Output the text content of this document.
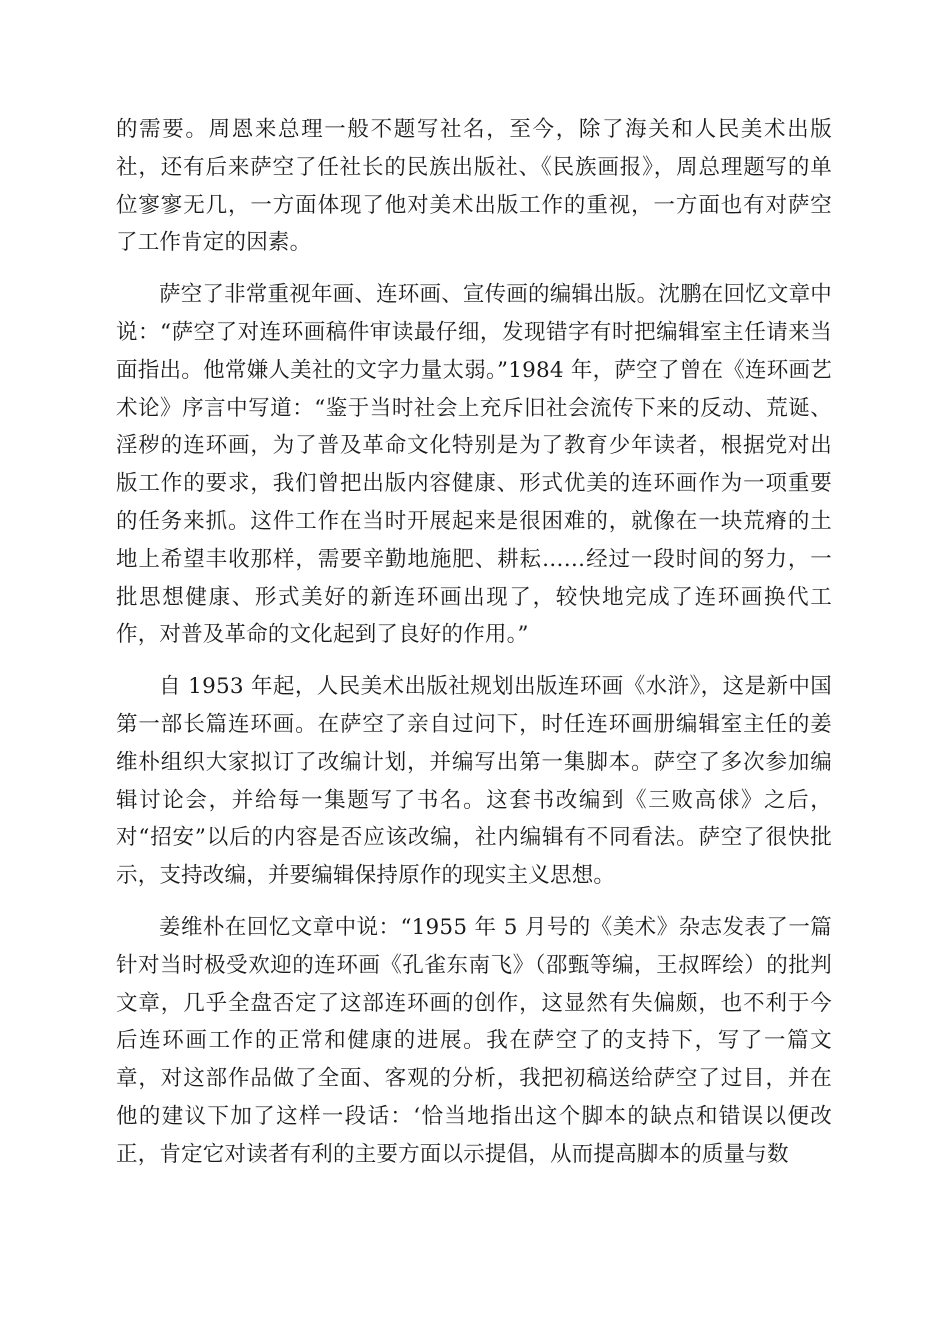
的需要。周恩来总理一般不题写社名，至今，除了海关和人民美术出版社，还有后来萨空了任社长的民族出版社、《民族画报》，周总理题写的单位寥寥无几，一方面体现了他对美术出版工作的重视，一方面也有对萨空了工作肯定的因素。

萨空了非常重视年画、连环画、宣传画的编辑出版。沈鹏在回忆文章中说：“萨空了对连环画稿件审读最仔细，发现错字有时把编辑室主任请来当面指出。他常嫌人美社的文字力量太弱。”1984 年，萨空了曾在《连环画艺术论》序言中写道：“鉴于当时社会上充斥旧社会流传下来的反动、荒诞、淫秽的连环画，为了普及革命文化特别是为了教育少年读者，根据党对出版工作的要求，我们曾把出版内容健康、形式优美的连环画作为一项重要的任务来抓。这件工作在当时开展起来是很困难的，就像在一块荒瘠的土地上希望丰收那样，需要辛勤地施肥、耕耘……经过一段时间的努力，一批思想健康、形式美好的新连环画出现了，较快地完成了连环画换代工作，对普及革命的文化起到了良好的作用。”

自 1953 年起，人民美术出版社规划出版连环画《水浒》，这是新中国第一部长篇连环画。在萨空了亲自过问下，时任连环画册编辑室主任的姜维朴组织大家拟订了改编计划，并编写出第一集脚本。萨空了多次参加编辑讨论会，并给每一集题写了书名。这套书改编到《三败高俅》之后，对“招安”以后的内容是否应该改编，社内编辑有不同看法。萨空了很快批示，支持改编，并要编辑保持原作的现实主义思想。

姜维朴在回忆文章中说：“1955 年 5 月号的《美术》杂志发表了一篇针对当时极受欢迎的连环画《孔雀东南飞》（邵甄等编，王叔晖绘）的批判文章，几乎全盘否定了这部连环画的创作，这显然有失偏颇，也不利于今后连环画工作的正常和健康的进展。我在萨空了的支持下，写了一篇文章，对这部作品做了全面、客观的分析，我把初稿送给萨空了过目，并在他的建议下加了这样一段话：‘恰当地指出这个脚本的缺点和错误以便改正，肯定它对读者有利的主要方面以示提倡，从而提高脚本的质量与数
